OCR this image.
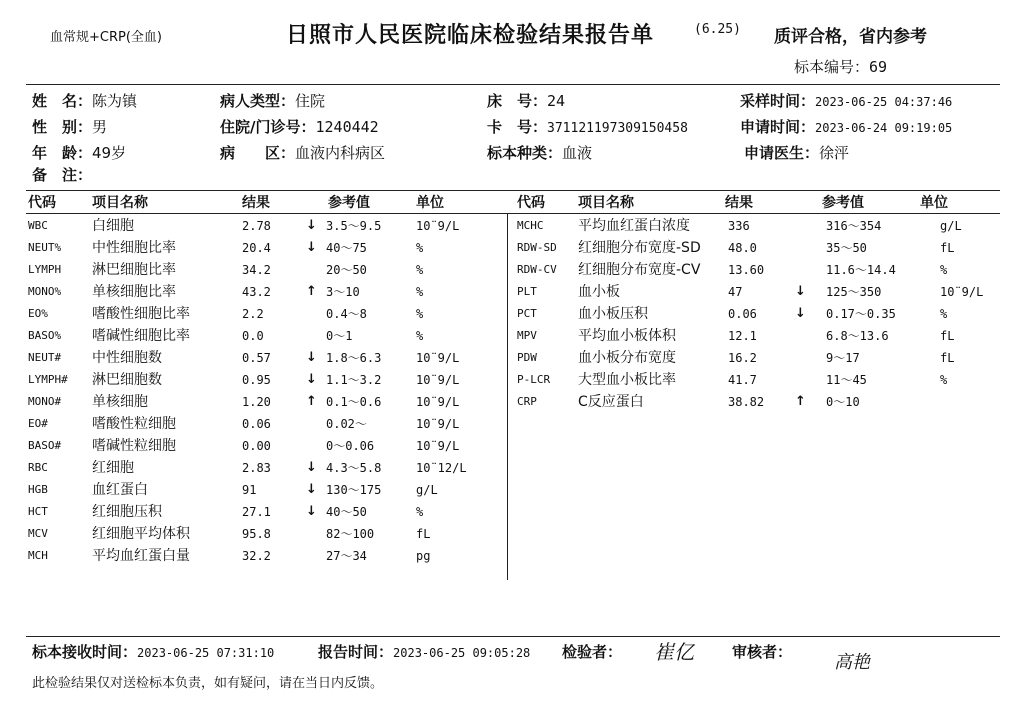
血常规+CRP(全血)	日照市人民医院临床检验结果报告单	(6.25) 质评合格，省内参考
标本编号：69
姓　名：陈为镇
性　别：男
年　龄：49岁
备　注：
病人类型：住院
住院/门诊号：1240442
病　　区：血液内科病区
床　号：24
卡　号：371121197309150458
标本种类：血液
采样时间：2023-06-25 04:37:46
申请时间：2023-06-24 09:19:05
申请医生：徐泙
代码	项目名称	结果	参考值	单位	代码 项目名称	结果	参考值	单位
WBC	白细胞	2.78	↓ 3.5～9.5	10¨9/L
NEUT% 中性细胞比率	20.4	↓ 40～75	%
LYMPH 淋巴细胞比率	34.2	20～50	%
MONO% 单核细胞比率	43.2	↑ 3～10	%
EO%	嗜酸性细胞比率	2.2	0.4～8	%
BASO% 嗜碱性细胞比率	0.0	0～1	%
NEUT# 中性细胞数	0.57	↓ 1.8～6.3	10¨9/L
LYMPH# 淋巴细胞数	0.95	↓ 1.1～3.2	10¨9/L
MONO# 单核细胞	1.20	↑ 0.1～0.6	10¨9/L
EO#	嗜酸性粒细胞	0.06	0.02～	10¨9/L
BASO# 嗜碱性粒细胞	0.00	0～0.06	10¨9/L
RBC	红细胞	2.83	↓ 4.3～5.8	10¨12/L
HGB	血红蛋白	91	↓ 130～175	g/L
HCT	红细胞压积	27.1	↓ 40～50	%
MCV	红细胞平均体积	95.8	82～100	fL
MCH	平均血红蛋白量	32.2	27～34	pg
MCHC 平均血红蛋白浓度	336	316～354	g/L
RDW-SD 红细胞分布宽度-SD 48.0	35～50	fL
RDW-CV 红细胞分布宽度-CV 13.60	11.6～14.4	%
PLT	血小板	47	↓ 125～350	10¨9/L
PCT	血小板压积	0.06	↓ 0.17～0.35	%
MPV	平均血小板体积	12.1	6.8～13.6	fL
PDW	血小板分布宽度	16.2	9～17	fL
P-LCR 大型血小板比率	41.7	11～45	%
CRP	C反应蛋白	38.82 ↑ 0～10
标本接收时间：2023-06-25 07:31:10	报告时间：2023-06-25 09:05:28 检验者： 崔亿	审核者： 高艳
此检验结果仅对送检标本负责，如有疑问，请在当日内反馈。
